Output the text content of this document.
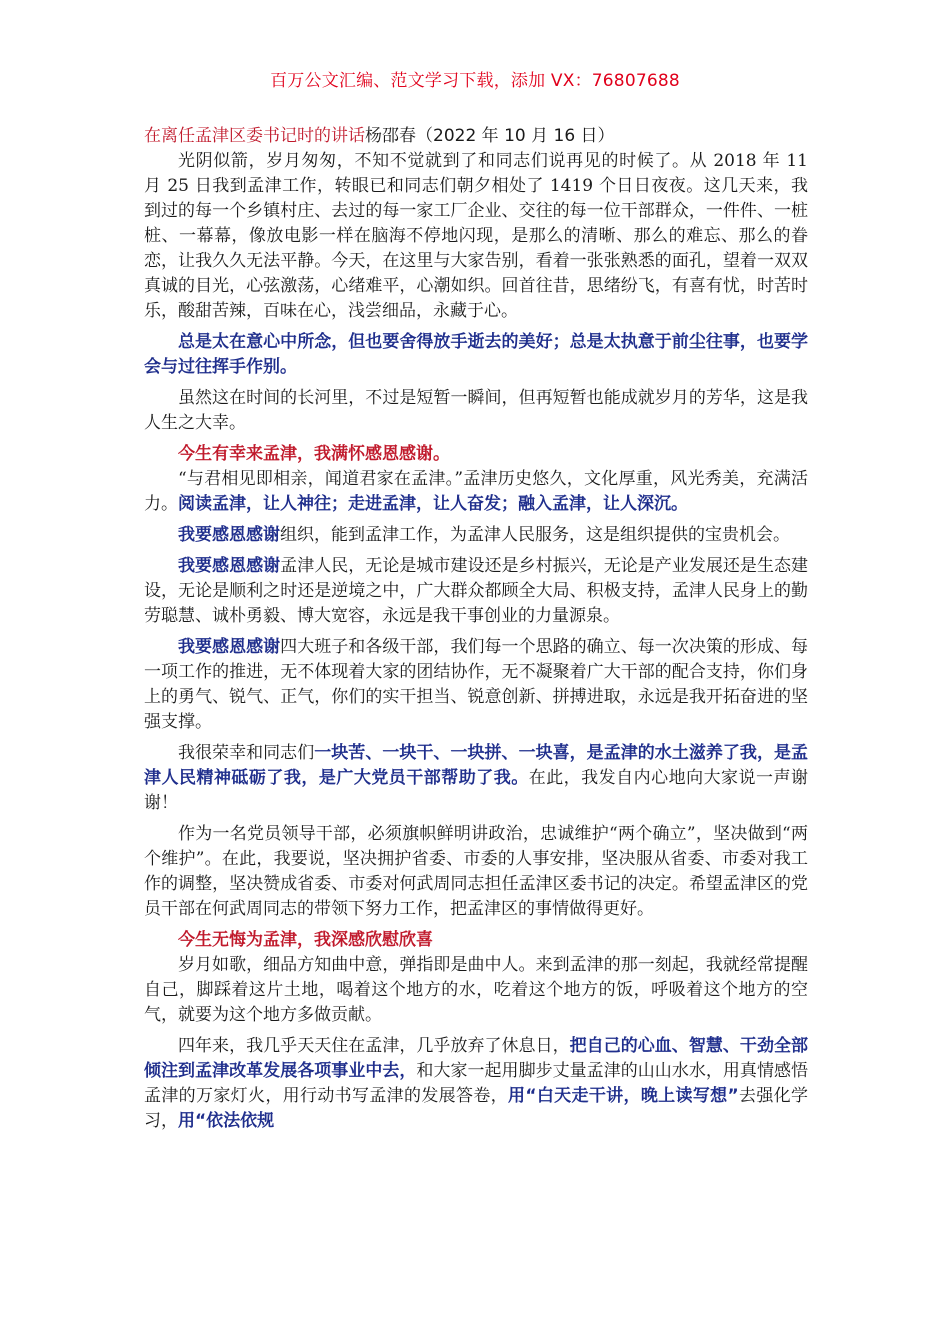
百万公文汇编、范文学习下载，添加 VX：76807688
在离任孟津区委书记时的讲话杨邵春（2022 年 10 月 16 日）

光阴似箭，岁月匆匆，不知不觉就到了和同志们说再见的时候了。从 2018 年 11 月 25 日我到孟津工作，转眼已和同志们朝夕相处了 1419 个日日夜夜。这几天来，我到过的每一个乡镇村庄、去过的每一家工厂企业、交往的每一位干部群众，一件件、一桩桩、一幕幕，像放电影一样在脑海不停地闪现，是那么的清晰、那么的难忘、那么的眷恋，让我久久无法平静。今天，在这里与大家告别，看着一张张熟悉的面孔，望着一双双真诚的目光，心弦激荡，心绪难平，心潮如织。回首往昔，思绪纷飞，有喜有忧，时苦时乐，酸甜苦辣，百味在心，浅尝细品，永藏于心。

总是太在意心中所念，但也要舍得放手逝去的美好；总是太执意于前尘往事，也要学会与过往挥手作别。

虽然这在时间的长河里，不过是短暂一瞬间，但再短暂也能成就岁月的芳华，这是我人生之大幸。

今生有幸来孟津，我满怀感恩感谢。

“与君相见即相亲，闻道君家在孟津。”孟津历史悠久，文化厚重，风光秀美，充满活力。阅读孟津，让人神往；走进孟津，让人奋发；融入孟津，让人深沉。

我要感恩感谢组织，能到孟津工作，为孟津人民服务，这是组织提供的宝贵机会。

我要感恩感谢孟津人民，无论是城市建设还是乡村振兴，无论是产业发展还是生态建设，无论是顺利之时还是逆境之中，广大群众都顾全大局、积极支持，孟津人民身上的勤劳聪慧、诚朴勇毅、博大宽容，永远是我干事创业的力量源泉。

我要感恩感谢四大班子和各级干部，我们每一个思路的确立、每一次决策的形成、每一项工作的推进，无不体现着大家的团结协作，无不凝聚着广大干部的配合支持，你们身上的勇气、锐气、正气，你们的实干担当、锐意创新、拼搏进取，永远是我开拓奋进的坚强支撑。

我很荣幸和同志们一块苦、一块干、一块拼、一块喜，是孟津的水土滋养了我，是孟津人民精神砥砺了我，是广大党员干部帮助了我。在此，我发自内心地向大家说一声谢谢！

作为一名党员领导干部，必须旗帜鲜明讲政治，忠诚维护“两个确立”，坚决做到“两个维护”。在此，我要说，坚决拥护省委、市委的人事安排，坚决服从省委、市委对我工作的调整，坚决赞成省委、市委对何武周同志担任孟津区委书记的决定。希望孟津区的党员干部在何武周同志的带领下努力工作，把孟津区的事情做得更好。

今生无悔为孟津，我深感欣慰欣喜

岁月如歌，细品方知曲中意，弹指即是曲中人。来到孟津的那一刻起，我就经常提醒自己，脚踩着这片土地，喝着这个地方的水，吃着这个地方的饭，呼吸着这个地方的空气，就要为这个地方多做贡献。

四年来，我几乎天天住在孟津，几乎放弃了休息日，把自己的心血、智慧、干劲全部倾注到孟津改革发展各项事业中去，和大家一起用脚步丈量孟津的山山水水，用真情感悟孟津的万家灯火，用行动书写孟津的发展答卷，用“白天走干讲，晚上读写想”去强化学习，用“依法依规
